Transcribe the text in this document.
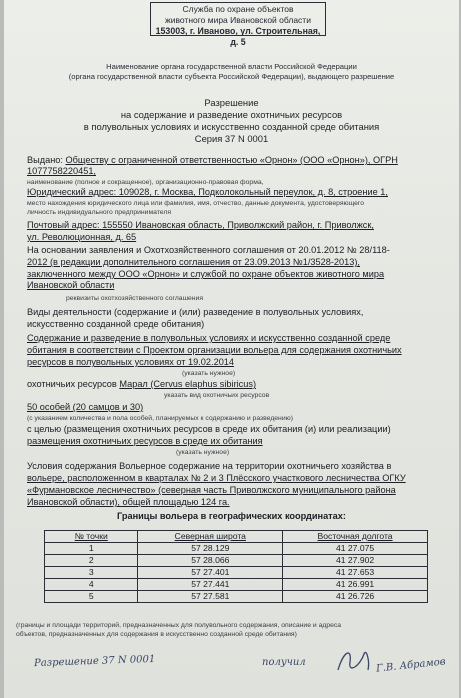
Служба по охране объектов
животного мира Ивановской области
153003, г. Иваново, ул. Строительная, д. 5
Наименование органа государственной власти Российской Федерации
(органа государственной власти субъекта Российской Федерации), выдающего разрешение
Разрешение
на содержание и разведение охотничьих ресурсов
в полувольных условиях и искусственно созданной среде обитания
Серия 37 N 0001
Выдано: Обществу с ограниченной ответственностью «Орнон» (ООО «Орнон»), ОГРН
1077758220451,
наименование (полное и сокращенное), организационно-правовая форма,
Юридический адрес: 109028, г. Москва, Подколокольный переулок, д. 8, строение 1,
место нахождения юридического лица или фамилия, имя, отчество, данные документа, удостоверяющего
личность индивидуального предпринимателя
Почтовый адрес: 155550 Ивановская область, Приволжский район, г. Приволжск,
ул. Революционная, д. 65
На основании заявления и Охотхозяйственного соглашения от 20.01.2012 № 28/118-
2012 (в редакции дополнительного соглашения от 23.09.2013 №1/3528-2013),
заключенного между ООО «Орнон» и службой по охране объектов животного мира
Ивановской области
реквизиты охотхозяйственного соглашения
Виды деятельности (содержание и (или) разведение в полувольных условиях,
искусственно созданной среде обитания)
Содержание и разведение в полувольных условиях и искусственно созданной среде
обитания в соответствии с Проектом организации вольера для содержания охотничьих
ресурсов в полувольных условиях от 19.02.2014
(указать нужное)
охотничьих ресурсов Марал (Cervus elaphus sibiricus)
указать вид охотничьих ресурсов
50 особей (20 самцов и 30)
(с указанием количества и пола особей, планируемых к содержанию и разведению)
с целью (размещения охотничьих ресурсов в среде их обитания (и) или реализации)
размещения охотничьих ресурсов в среде их обитания
(указать нужное)
Условия содержания Вольерное содержание на территории охотничьего хозяйства в
вольере, расположенном в кварталах № 2 и 3 Плёсского участкового лесничества ОГКУ
«Фурмановское лесничество» (северная часть Приволжского муниципального района
Ивановской области), общей площадью 124 га.
Границы вольера в географических координатах:
№ точки	Северная широта	Восточная долгота
1	57 28.129	41 27.075
2	57 28.066	41 27.902
3	57 27.401	41 27.653
4	57 27.441	41 26.991
5	57 27.581	41 26.726
(границы и площади территорий, предназначенных для полувольного содержания, описание и адреса
объектов, предназначенных для содержания в искусственно созданной среде обитания)
Разрешение 37 N 0001	получил	Г.В. Абрамов
